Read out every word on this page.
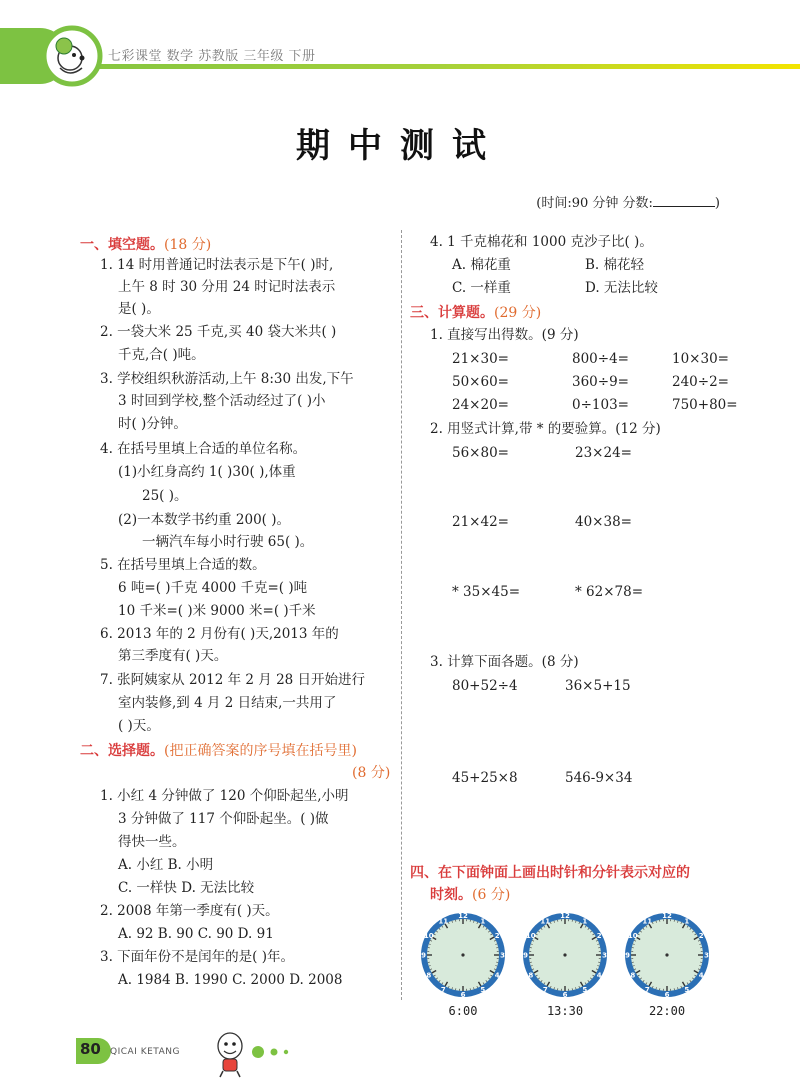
七彩课堂 数学 苏教版 三年级 下册
期中测试
(时间:90 分钟 分数:	)
一、填空题。(18 分)
1. 14 时用普通记时法表示是下午( )时,
上午 8 时 30 分用 24 时记时法表示
是( )。
2. 一袋大米 25 千克,买 40 袋大米共( )
千克,合( )吨。
3. 学校组织秋游活动,上午 8:30 出发,下午
3 时回到学校,整个活动经过了( )小
时( )分钟。
4. 在括号里填上合适的单位名称。
(1)小红身高约 1( )30( ),体重
25( )。
(2)一本数学书约重 200( )。
一辆汽车每小时行驶 65( )。
5. 在括号里填上合适的数。
6 吨=( )千克 4000 千克=( )吨
10 千米=( )米 9000 米=( )千米
6. 2013 年的 2 月份有( )天,2013 年的
第三季度有( )天。
7. 张阿姨家从 2012 年 2 月 28 日开始进行
室内装修,到 4 月 2 日结束,一共用了
( )天。
二、选择题。(把正确答案的序号填在括号里)
(8 分)
1. 小红 4 分钟做了 120 个仰卧起坐,小明
3 分钟做了 117 个仰卧起坐。( )做
得快一些。
A. 小红 B. 小明
C. 一样快 D. 无法比较
2. 2008 年第一季度有( )天。
A. 92 B. 90 C. 90 D. 91
3. 下面年份不是闰年的是( )年。
A. 1984 B. 1990 C. 2000 D. 2008
4. 1 千克棉花和 1000 克沙子比( )。
A. 棉花重	B. 棉花轻
C. 一样重	D. 无法比较
三、计算题。(29 分)
1. 直接写出得数。(9 分)
21×30=	800÷4=	10×30=
50×60=	360÷9=	240÷2=
24×20=	0÷103=	750+80=
2. 用竖式计算,带 * 的要验算。(12 分)
56×80=	23×24=
21×42=	40×38=
* 35×45=	* 62×78=
3. 计算下面各题。(8 分)
80+52÷4	36×5+15
45+25×8	546-9×34
四、在下面钟面上画出时针和分针表示对应的
时刻。(6 分)
1
2
3
4
5
6
7
8
9
10
11
12
1
2
3
4
5
6
7
8
9
10
11
12
1
2
3
4
5
6
7
8
9
10
11
12
6:00	13:30	22:00
80 QICAI KETANG
